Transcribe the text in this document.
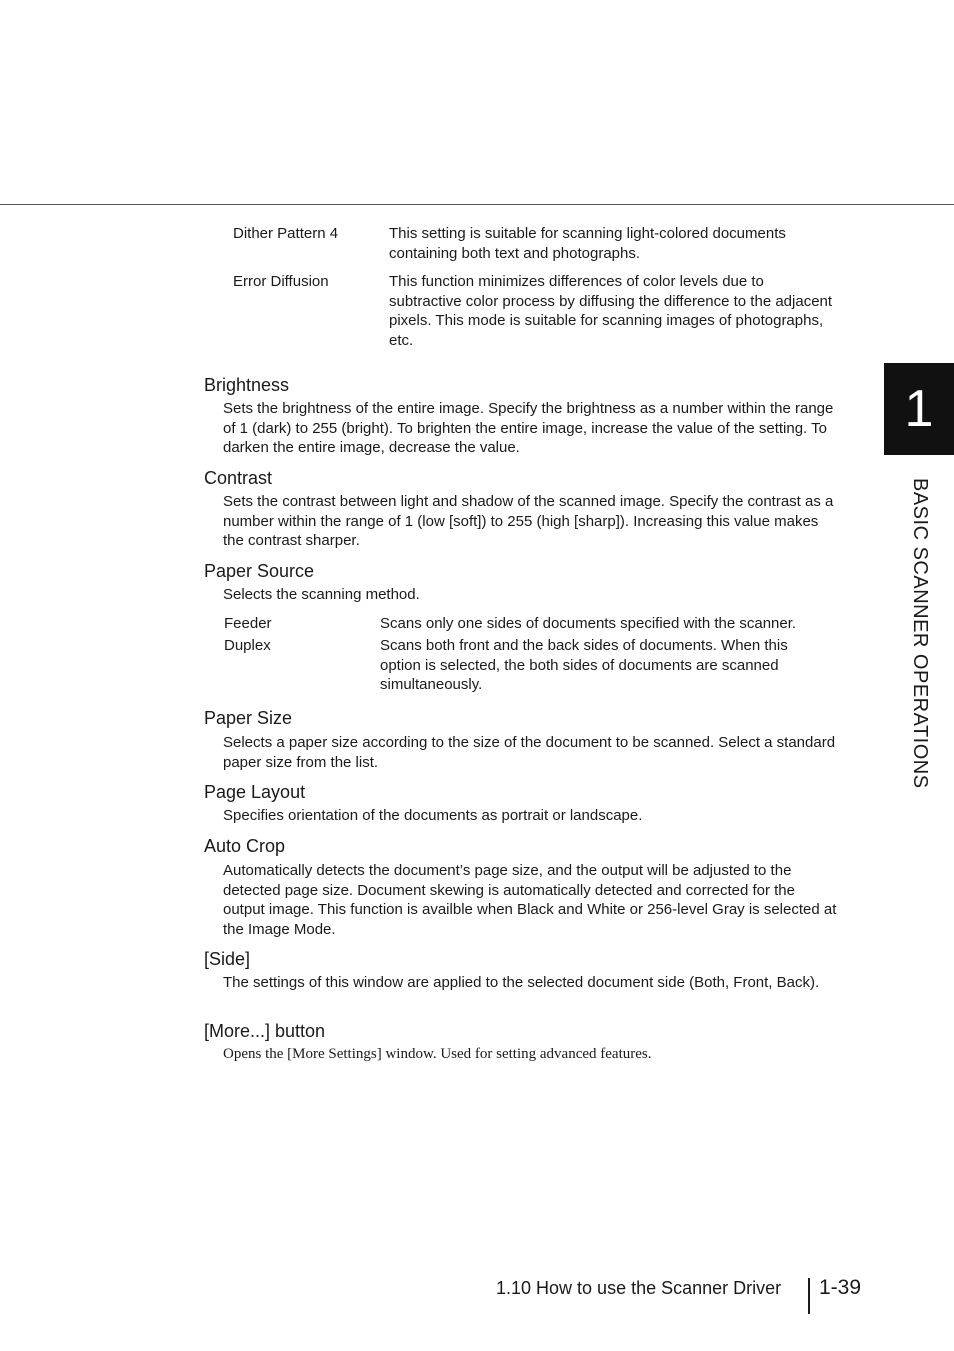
Dither Pattern 4	This setting is suitable for scanning light-colored documents containing both text and photographs.
Error Diffusion	This function minimizes differences of color levels due to subtractive color process by diffusing the difference to the adjacent pixels. This mode is suitable for scanning images of photographs, etc.
Brightness
Sets the brightness of the entire image. Specify the brightness as a number within the range of 1 (dark) to 255 (bright). To brighten the entire image, increase the value of the setting. To darken the entire image, decrease the value.
Contrast
Sets the contrast between light and shadow of the scanned image. Specify the contrast as a number within the range of 1 (low [soft]) to 255 (high [sharp]). Increasing this value makes the contrast sharper.
Paper Source
Selects the scanning method.
Feeder	Scans only one sides of documents specified with the scanner.
Duplex	Scans both front and the back sides of documents. When this option is selected, the both sides of documents are scanned simultaneously.
Paper Size
Selects a paper size according to the size of the document to be scanned. Select a standard paper size from the list.
Page Layout
Specifies orientation of the documents as portrait or landscape.
Auto Crop
Automatically detects the document’s page size, and the output will be adjusted to the detected page size. Document skewing is automatically detected and corrected for the output image. This function is availble when Black and White or 256-level Gray is selected at the Image Mode.
[Side]
The settings of this window are applied to the selected document side (Both, Front, Back).
[More...] button
Opens the [More Settings] window. Used for setting advanced features.
1
BASIC SCANNER OPERATIONS
1.10 How to use the Scanner Driver 1-39
